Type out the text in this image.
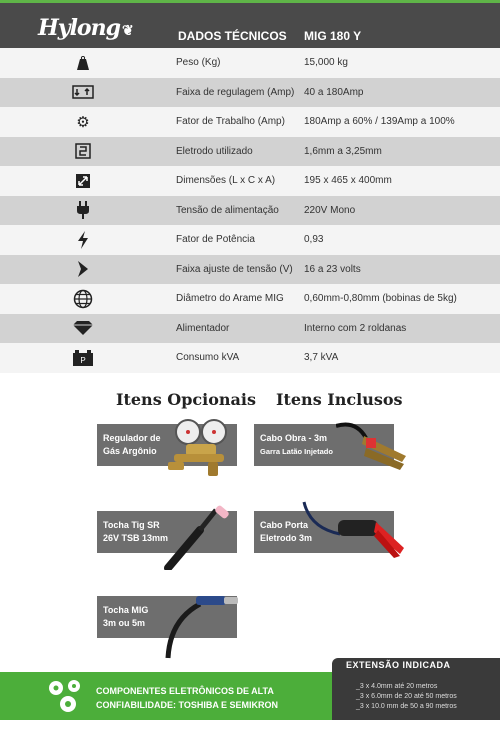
Hylong ❦	DADOS TÉCNICOS MIG 180 Y
Peso (Kg)	15,000 kg
Faixa de regulagem (Amp) 40 a 180Amp
⚙	Fator de Trabalho (Amp) 180Amp a 60% / 139Amp a 100%
Eletrodo utilizado	1,6mm a 3,25mm
Dimensões (L x C x A)	195 x 465 x 400mm
Tensão de alimentação	220V Mono
Fator de Potência	0,93
Faixa ajuste de tensão (V) 16 a 23 volts
Diâmetro do Arame MIG 0,60mm-0,80mm (bobinas de 5kg)
Alimentador	Interno com 2 roldanas
P	Consumo kVA	3,7 kVA
Itens Opcionais Itens Inclusos
Regulador de
Gás Argônio
Tocha Tig SR
26V TSB 13mm
Tocha MIG
3m ou 5m
Cabo Obra - 3m
Garra Latão Injetado
Cabo Porta
Eletrodo 3m
COMPONENTES ELETRÔNICOS DE ALTA
CONFIABILIDADE: TOSHIBA E SEMIKRON
EXTENSÃO INDICADA
_3 x 4.0mm até 20 metros
_3 x 6.0mm de 20 até 50 metros
_3 x 10.0 mm de 50 a 90 metros
